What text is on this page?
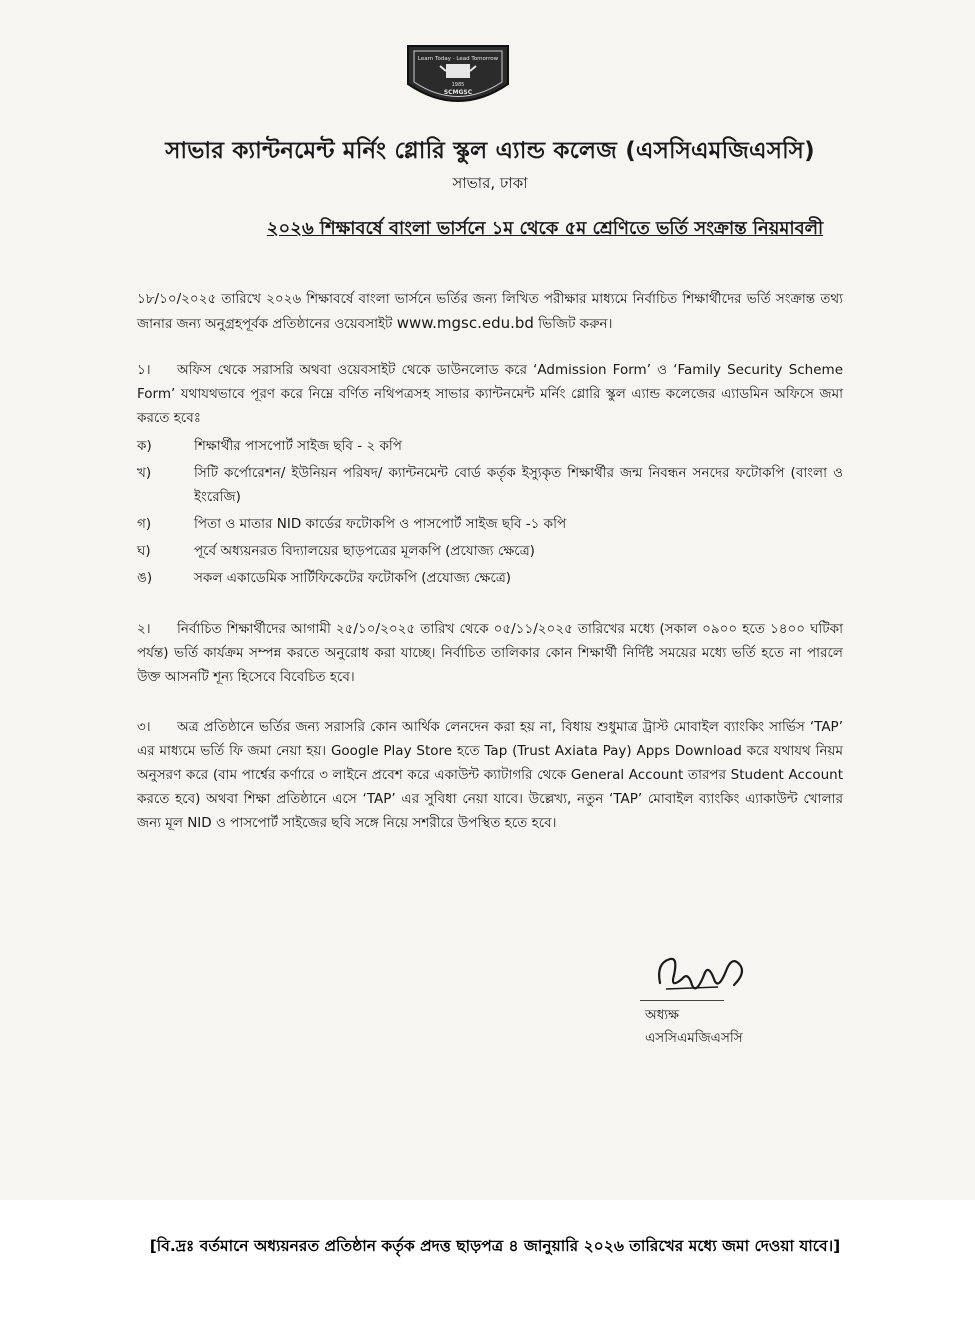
Learn Today - Lead Tomorrow
1985
SCMGSC
সাভার ক্যান্টনমেন্ট মর্নিং গ্লোরি স্কুল এ্যান্ড কলেজ (এসসিএমজিএসসি)
সাভার, ঢাকা
২০২৬ শিক্ষাবর্ষে বাংলা ভার্সনে ১ম থেকে ৫ম শ্রেণিতে ভর্তি সংক্রান্ত নিয়মাবলী
১৮/১০/২০২৫ তারিখে ২০২৬ শিক্ষাবর্ষে বাংলা ভার্সনে ভর্তির জন্য লিখিত পরীক্ষার মাধ্যমে নির্বাচিত শিক্ষার্থীদের ভর্তি সংক্রান্ত তথ্য জানার জন্য অনুগ্রহপূর্বক প্রতিষ্ঠানের ওয়েবসাইট www.mgsc.edu.bd ভিজিট করুন।
১। অফিস থেকে সরাসরি অথবা ওয়েবসাইট থেকে ডাউনলোড করে ‘Admission Form’ ও ‘Family Security Scheme Form’ যথাযথভাবে পূরণ করে নিম্নে বর্ণিত নথিপত্রসহ সাভার ক্যান্টনমেন্ট মর্নিং গ্লোরি স্কুল এ্যান্ড কলেজের এ্যাডমিন অফিসে জমা করতে হবেঃ
ক)	শিক্ষার্থীর পাসপোর্ট সাইজ ছবি - ২ কপি
খ)	সিটি কর্পোরেশন/ ইউনিয়ন পরিষদ/ ক্যান্টনমেন্ট বোর্ড কর্তৃক ইস্যুকৃত শিক্ষার্থীর জন্ম নিবন্ধন সনদের ফটোকপি (বাংলা ও ইংরেজি)
গ)	পিতা ও মাতার NID কার্ডের ফটোকপি ও পাসপোর্ট সাইজ ছবি -১ কপি
ঘ)	পূর্বে অধ্যয়নরত বিদ্যালয়ের ছাড়পত্রের মূলকপি (প্রযোজ্য ক্ষেত্রে)
ঙ)	সকল একাডেমিক সার্টিফিকেটের ফটোকপি (প্রযোজ্য ক্ষেত্রে)
২। নির্বাচিত শিক্ষার্থীদের আগামী ২৫/১০/২০২৫ তারিখ থেকে ০৫/১১/২০২৫ তারিখের মধ্যে (সকাল ০৯০০ হতে ১৪০০ ঘটিকা পর্যন্ত) ভর্তি কার্যক্রম সম্পন্ন করতে অনুরোধ করা যাচ্ছে। নির্বাচিত তালিকার কোন শিক্ষার্থী নির্দিষ্ট সময়ের মধ্যে ভর্তি হতে না পারলে উক্ত আসনটি শূন্য হিসেবে বিবেচিত হবে।
৩। অত্র প্রতিষ্ঠানে ভর্তির জন্য সরাসরি কোন আর্থিক লেনদেন করা হয় না, বিধায় শুধুমাত্র ট্রাস্ট মোবাইল ব্যাংকিং সার্ভিস ‘TAP’ এর মাধ্যমে ভর্তি ফি জমা নেয়া হয়। Google Play Store হতে Tap (Trust Axiata Pay) Apps Download করে যথাযথ নিয়ম অনুসরণ করে (বাম পার্শ্বের কর্ণারে ৩ লাইনে প্রবেশ করে একাউন্ট ক্যাটাগরি থেকে General Account তারপর Student Account করতে হবে) অথবা শিক্ষা প্রতিষ্ঠানে এসে ‘TAP’ এর সুবিধা নেয়া যাবে। উল্লেখ্য, নতুন ‘TAP’ মোবাইল ব্যাংকিং এ্যাকাউন্ট খোলার জন্য মূল NID ও পাসপোর্ট সাইজের ছবি সঙ্গে নিয়ে সশরীরে উপস্থিত হতে হবে।
অধ্যক্ষ
এসসিএমজিএসসি
[বি.দ্রঃ বর্তমানে অধ্যয়নরত প্রতিষ্ঠান কর্তৃক প্রদত্ত ছাড়পত্র ৪ জানুয়ারি ২০২৬ তারিখের মধ্যে জমা দেওয়া যাবে।]
